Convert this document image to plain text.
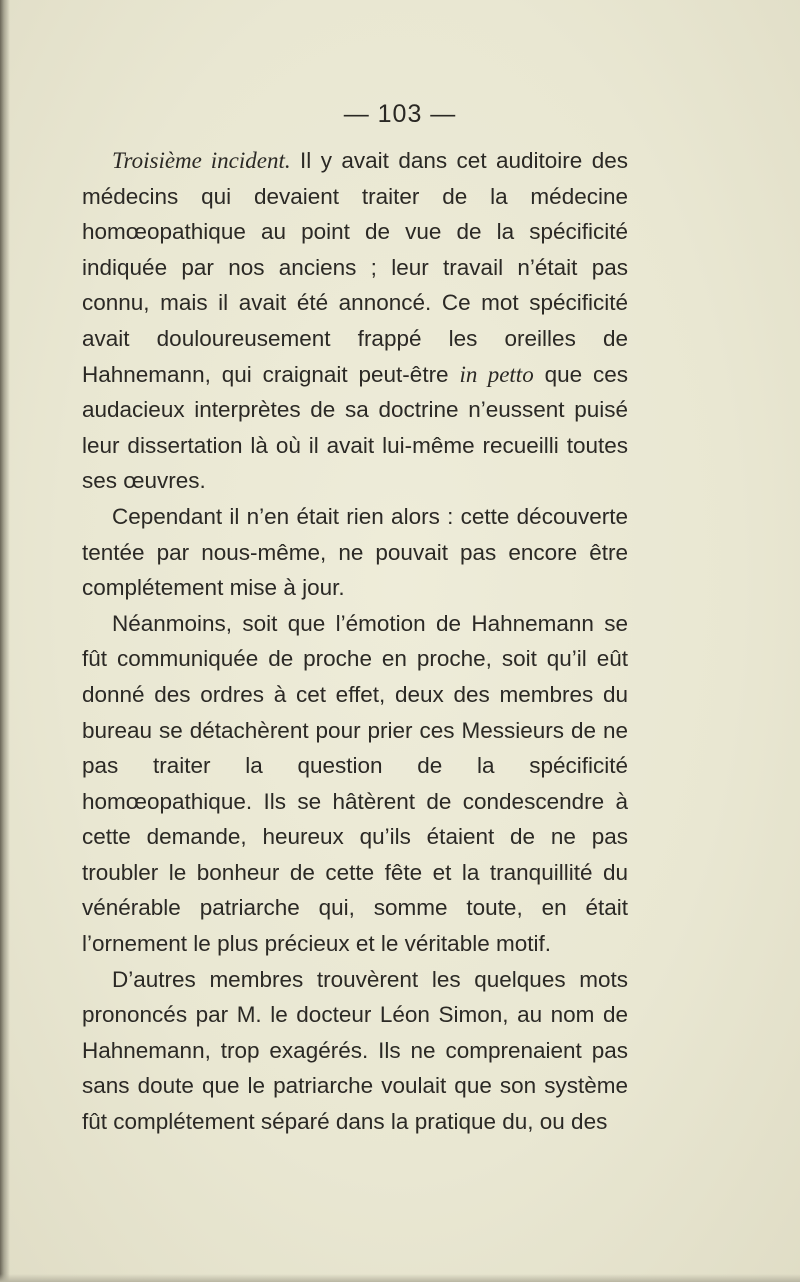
— 103 —

Troisième incident. Il y avait dans cet auditoire des médecins qui devaient traiter de la médecine homœopathique au point de vue de la spécificité indiquée par nos anciens ; leur travail n’était pas connu, mais il avait été annoncé. Ce mot spécificité avait douloureusement frappé les oreilles de Hahnemann, qui craignait peut-être in petto que ces audacieux interprètes de sa doctrine n’eussent puisé leur dissertation là où il avait lui-même recueilli toutes ses œuvres.

Cependant il n’en était rien alors : cette découverte tentée par nous-même, ne pouvait pas encore être complétement mise à jour.

Néanmoins, soit que l’émotion de Hahnemann se fût communiquée de proche en proche, soit qu’il eût donné des ordres à cet effet, deux des membres du bureau se détachèrent pour prier ces Messieurs de ne pas traiter la question de la spécificité homœopathique. Ils se hâtèrent de condescendre à cette demande, heureux qu’ils étaient de ne pas troubler le bonheur de cette fête et la tranquillité du vénérable patriarche qui, somme toute, en était l’ornement le plus précieux et le véritable motif.

D’autres membres trouvèrent les quelques mots prononcés par M. le docteur Léon Simon, au nom de Hahnemann, trop exagérés. Ils ne comprenaient pas sans doute que le patriarche voulait que son système fût complétement séparé dans la pratique du, ou des
